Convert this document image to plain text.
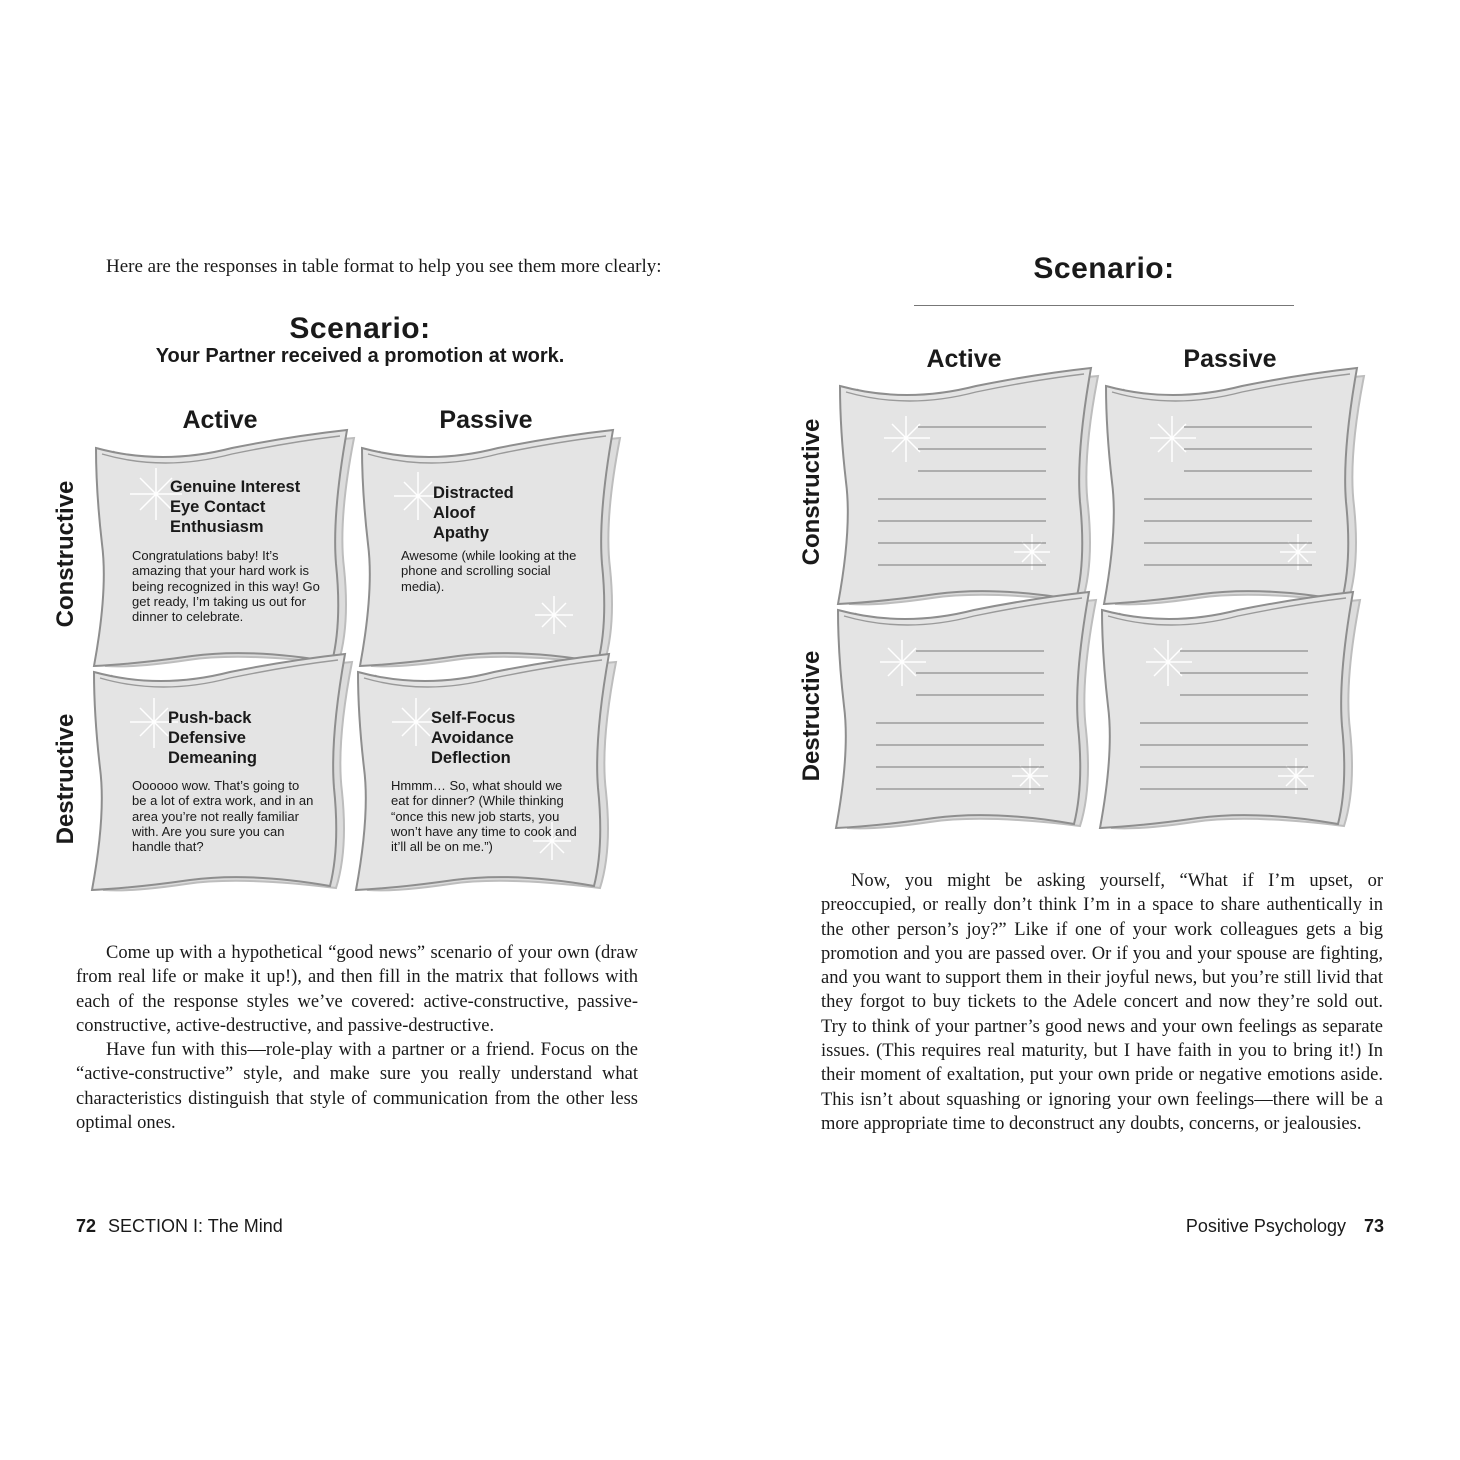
Here are the responses in table format to help you see them more clearly:

Scenario:
Your Partner received a promotion at work.
Active	Passive
Constructive
Destructive
Genuine Interest
Eye Contact
Enthusiasm
Congratulations baby! It’s amazing that your hard work is being recognized in this way! Go get ready, I’m taking us out for dinner to celebrate.
Distracted
Aloof
Apathy
Awesome (while looking at the phone and scrolling social media).
Push-back
Defensive
Demeaning
Oooooo wow. That’s going to be a lot of extra work, and in an area you’re not really familiar with. Are you sure you can handle that?
Self-Focus
Avoidance
Deflection
Hmmm… So, what should we eat for dinner? (While thinking “once this new job starts, you won’t have any time to cook and it’ll all be on me.”)

Come up with a hypothetical “good news” scenario of your own (draw from real life or make it up!), and then fill in the matrix that follows with each of the response styles we’ve covered: active-constructive, passive-constructive, active-destructive, and passive-destructive.

Have fun with this—role-play with a partner or a friend. Focus on the “active-constructive” style, and make sure you really understand what characteristics distinguish that style of communication from the other less optimal ones.

72 SECTION I: The Mind
Scenario:
Active	Passive
Constructive
Destructive

Now, you might be asking yourself, “What if I’m upset, or preoccupied, or really don’t think I’m in a space to share authentically in the other person’s joy?” Like if one of your work colleagues gets a big promotion and you are passed over. Or if you and your spouse are fighting, and you want to support them in their joyful news, but you’re still livid that they forgot to buy tickets to the Adele concert and now they’re sold out. Try to think of your partner’s good news and your own feelings as separate issues. (This requires real maturity, but I have faith in you to bring it!) In their moment of exaltation, put your own pride or negative emotions aside. This isn’t about squashing or ignoring your own feelings—there will be a more appropriate time to deconstruct any doubts, concerns, or jealousies.

Positive Psychology 73
